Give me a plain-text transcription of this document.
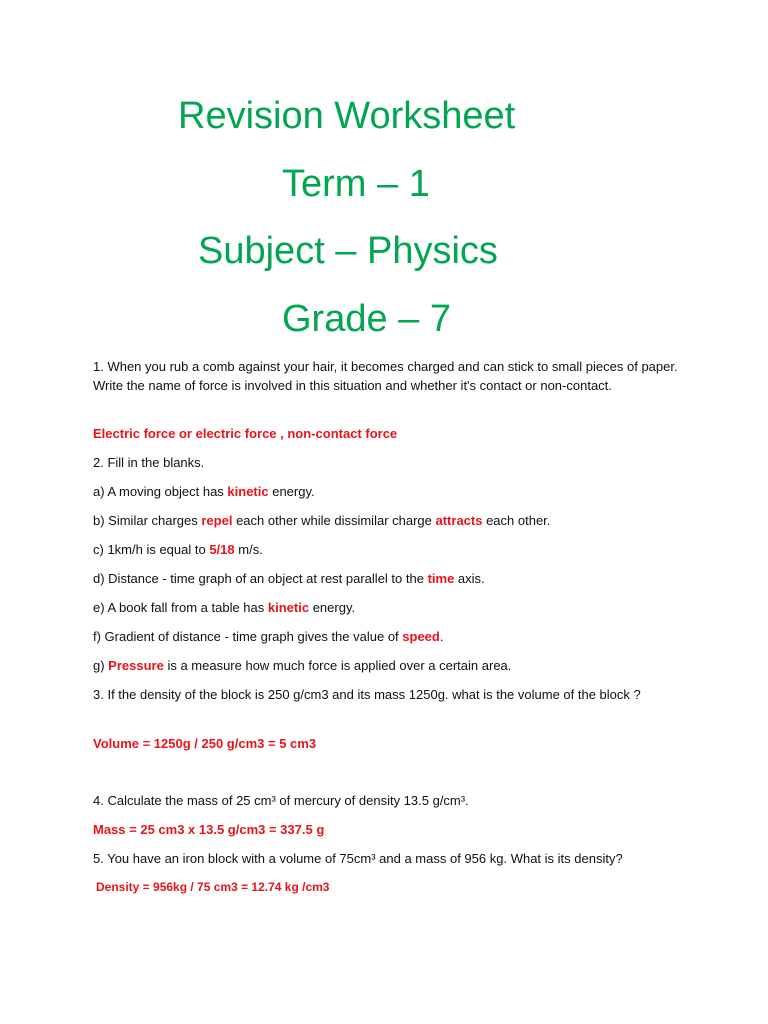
Revision Worksheet
Term – 1
Subject – Physics
Grade – 7
1. When you rub a comb against your hair, it becomes charged and can stick to small pieces of paper. Write the name of force is involved in this situation and whether it's contact or non-contact.
Electric force or electric force , non-contact force
2. Fill in the blanks.
a) A moving object has kinetic energy.
b) Similar charges repel each other while dissimilar charge attracts each other.
c) 1km/h is equal to 5/18 m/s.
d) Distance - time graph of an object at rest parallel to the time axis.
e) A book fall from a table has kinetic energy.
f) Gradient of distance - time graph gives the value of speed.
g) Pressure is a measure how much force is applied over a certain area.
3. If the density of the block is 250 g/cm3 and its mass 1250g. what is the volume of the block ?
Volume = 1250g / 250 g/cm3 = 5 cm3
4. Calculate the mass of 25 cm³ of mercury of density 13.5 g/cm³.
Mass = 25 cm3 x 13.5 g/cm3 = 337.5 g
5. You have an iron block with a volume of 75cm³ and a mass of 956 kg. What is its density?
Density = 956kg / 75 cm3 = 12.74 kg /cm3
